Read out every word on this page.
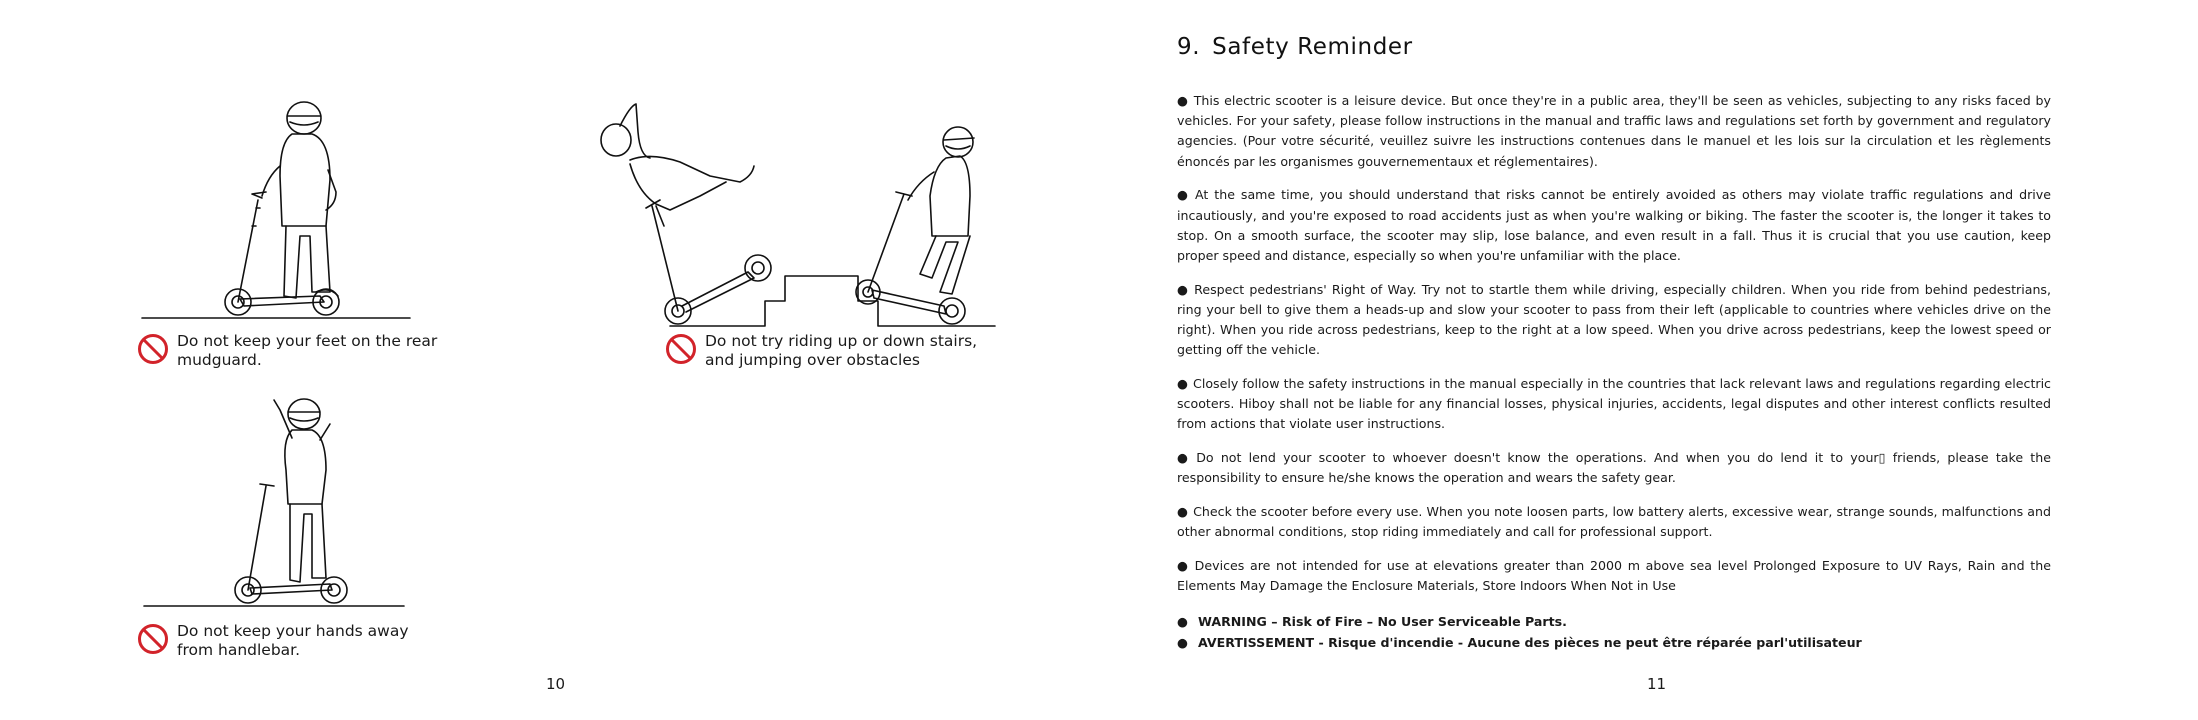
Do not keep your feet on the rear mudguard.
Do not try riding up or down stairs, and jumping over obstacles
Do not keep your hands away from handlebar.
10
9. Safety Reminder

● This electric scooter is a leisure device. But once they're in a public area, they'll be seen as vehicles, subjecting to any risks faced by vehicles. For your safety, please follow instructions in the manual and traffic laws and regulations set forth by government and regulatory agencies. (Pour votre sécurité, veuillez suivre les instructions contenues dans le manuel et les lois sur la circulation et les règlements énoncés par les organismes gouvernementaux et réglementaires).

● At the same time, you should understand that risks cannot be entirely avoided as others may violate traffic regulations and drive incautiously, and you're exposed to road accidents just as when you're walking or biking. The faster the scooter is, the longer it takes to stop. On a smooth surface, the scooter may slip, lose balance, and even result in a fall. Thus it is crucial that you use caution, keep proper speed and distance, especially so when you're unfamiliar with the place.

● Respect pedestrians' Right of Way. Try not to startle them while driving, especially children. When you ride from behind pedestrians, ring your bell to give them a heads-up and slow your scooter to pass from their left (applicable to countries where vehicles drive on the right). When you ride across pedestrians, keep to the right at a low speed. When you drive across pedestrians, keep the lowest speed or getting off the vehicle.

● Closely follow the safety instructions in the manual especially in the countries that lack relevant laws and regulations regarding electric scooters. Hiboy shall not be liable for any financial losses, physical injuries, accidents, legal disputes and other interest conflicts resulted from actions that violate user instructions.

● Do not lend your scooter to whoever doesn't know the operations. And when you do lend it to your▯ friends, please take the responsibility to ensure he/she knows the operation and wears the safety gear.

● Check the scooter before every use. When you note loosen parts, low battery alerts, excessive wear, strange sounds, malfunctions and other abnormal conditions, stop riding immediately and call for professional support.

● Devices are not intended for use at elevations greater than 2000 m above sea level Prolonged Exposure to UV Rays, Rain and the Elements May Damage the Enclosure Materials, Store Indoors When Not in Use

● WARNING – Risk of Fire – No User Serviceable Parts.

● AVERTISSEMENT - Risque d'incendie - Aucune des pièces ne peut être réparée parl'utilisateur

11
